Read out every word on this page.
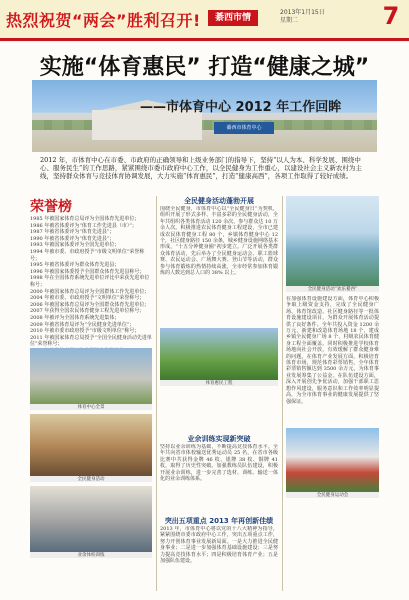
热烈祝贺“两会”胜利召开!	綦西市情
2013年1月15日
星期二	7
实施“体育惠民” 打造“健康之城”
綦西市体育中心
——市体育中心 2012 年工作回眸
2012 年，市体育中心在市委、市政府的正确领导和上级业务部门的指导下，坚持“以人为本、科学发展、围绕中心、服务民生”的工作思路，紧紧围绕市委市政府中心工作，以全民健身为工作重心，以建设社会主义新农村为主线，坚持群众体育与竞技体育协调发展，大力实施“体育惠民”，打造“健康高西”，各项工作取得了较好成绩。
荣誉榜
1985 年被国家体育总局评为全国体育先进单位；
1986 年被省体委评为“体育工作先进县（市）”；
1987 年被省体委评为“体育先进县”；
1990 年被省体委评为“体育先进县”；
1993 年被国家体委评为全国先进单位；
1994 年被市委、市政府授予“市级文明单位”荣誉称号；
1995 年被省体委评为群众体育先进县；
1996 年被国家体委授予全国群众体育先进县称号；
1998 年在全国体育系统先进单位评比中荣获先进单位称号；
2000 年被国家体育总局评为全国群体工作先进单位；
2004 年被市委、市政府授予“文明单位”荣誉称号；
2006 年被国家体育总局评为全国群众体育先进单位；
2007 年获得全国农民体育健身工程先进单位称号；
2008 年被评为全国体育系统先进集体；
2009 年被省体育局评为“全民健身先进单位”；
2010 年被市委市政府授予“市级文明单位”称号；
2011 年被国家体育总局授予“全国全民健身活动先进单位”荣誉称号；
体育中心全景
全民健身活动
业余体校训练
全民健身活动蓬勃开展
围绕全民健身，市体育中心以“全民健身日”为契机，组织开展了形式多样、丰富多彩的全民健身活动，全年共组织各类体育活动 120 余次，参与群众达 10 万余人次。积极推进农民体育健身工程建设，全市已建成农民体育健身工程 80 个，乡镇体育健身中心 12 个，社区健身路径 150 余条，城乡健身设施网络基本形成，“十五分钟健身圈”初步建立。广泛开展各类群众体育活动，先后举办了全民健身运动会、职工篮球赛、农民运动会、广场舞大赛、登山节等活动，群众参与体育锻炼的热情持续高涨，全市经常参加体育锻炼的人数达到总人口的 38% 以上。
体育惠民工程
业余训练实现新突破
坚持以业余训练为基础，不断提高竞技体育水平。全年共向省市体校输送优秀运动员 25 名，在省市各级比赛中共获得金牌 46 枚、银牌 38 枚、铜牌 41 枚，取得了历史性突破。加强教练员队伍建设，积极开展业余训练，进一步完善了选材、训练、输送一体化的业余训练体系。
突出五项重点 2013 年再创新佳绩
2013 年，市体育中心将以党的十八大精神为指导，紧紧围绕市委市政府中心工作，突出五项重点工作，努力开创体育事业发展新局面。一是大力推进全民健身事业；二是进一步加强体育基础设施建设；三是努力提高竞技体育水平；四是积极培育体育产业；五是加强队伍建设。
全民健身活动“欢乐綦西”
在加强体育设施建设方面，体育中心积极争取上级资金支持，完成了全民健身广场、体育馆改造、社区健身路径等一批体育设施建设项目，为群众开展体育活动提供了良好条件。全年共投入资金 1200 余万元，新建和改造体育场地 18 个，建成乡镇全民健身广场 8 个，村级农民体育健身工程全面覆盖。同时积极推进学校体育场地向社会开放，有效缓解了群众健身难的问题。在体育产业发展方面，积极培育体育市场，规范体育彩票销售，全年体育彩票销售额达到 3500 余万元，为体育事业发展筹集了公益金。在队伍建设方面，深入开展创先争优活动，加强干部职工思想作风建设，服务意识和工作效率明显提高，为全市体育事业的健康发展提供了坚强保证。
全民健身运动会
